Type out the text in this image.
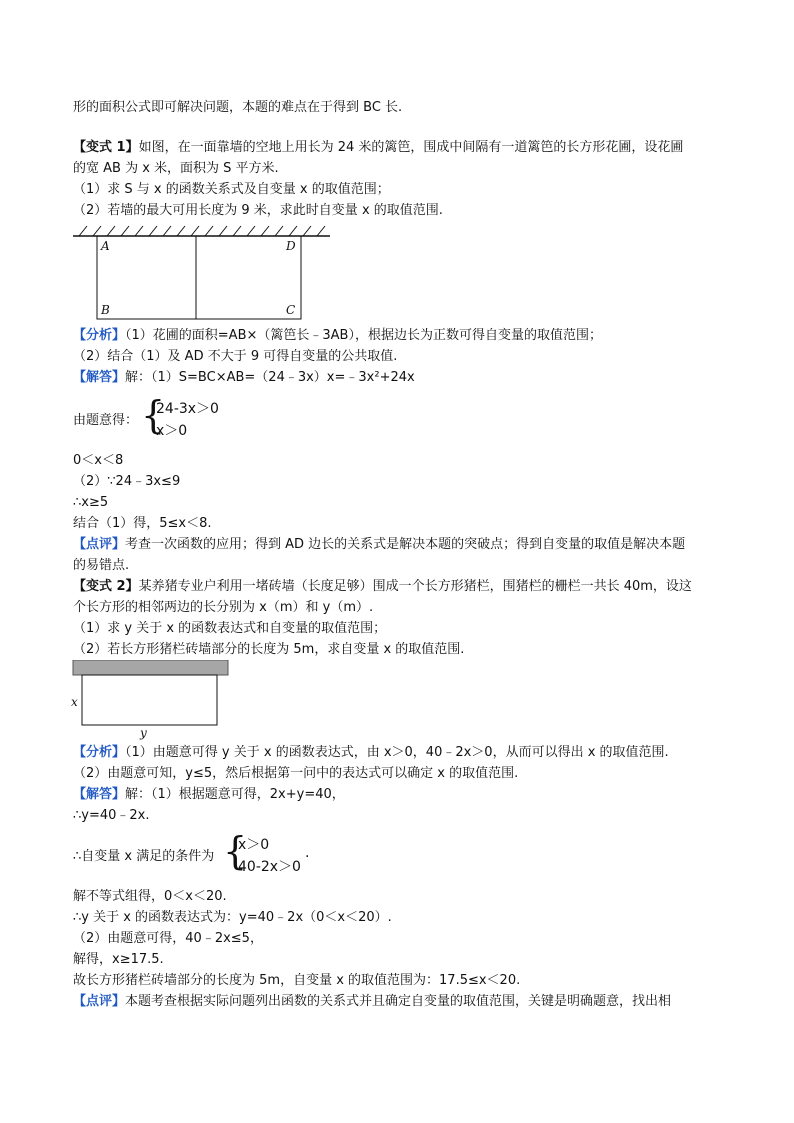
形的面积公式即可解决问题，本题的难点在于得到 BC 长.
【变式 1】如图，在一面靠墙的空地上用长为 24 米的篱笆，围成中间隔有一道篱笆的长方形花圃，设花圃
的宽 AB 为 x 米，面积为 S 平方米.
（1）求 S 与 x 的函数关系式及自变量 x 的取值范围；
（2）若墙的最大可用长度为 9 米，求此时自变量 x 的取值范围.
A	D
B	C
【分析】（1）花圃的面积=AB×（篱笆长﹣3AB），根据边长为正数可得自变量的取值范围；
（2）结合（1）及 AD 不大于 9 可得自变量的公共取值.
【解答】解：（1）S=BC×AB=（24﹣3x）x=﹣3x²+24x
由题意得： {
24-3x＞0
x＞0
0＜x＜8
（2）∵24﹣3x≤9
∴x≥5
结合（1）得，5≤x＜8.
【点评】考查一次函数的应用；得到 AD 边长的关系式是解决本题的突破点；得到自变量的取值是解决本题
的易错点.
【变式 2】某养猪专业户利用一堵砖墙（长度足够）围成一个长方形猪栏，围猪栏的栅栏一共长 40m，设这
个长方形的相邻两边的长分别为 x（m）和 y（m）.
（1）求 y 关于 x 的函数表达式和自变量的取值范围；
（2）若长方形猪栏砖墙部分的长度为 5m，求自变量 x 的取值范围.
x
y
【分析】（1）由题意可得 y 关于 x 的函数表达式，由 x＞0，40﹣2x＞0，从而可以得出 x 的取值范围.
（2）由题意可知，y≤5，然后根据第一问中的表达式可以确定 x 的取值范围.
【解答】解：（1）根据题意可得，2x+y=40，
∴y=40﹣2x.
∴自变量 x 满足的条件为 {
x＞0
40-2x＞0
.
解不等式组得，0＜x＜20.
∴y 关于 x 的函数表达式为：y=40﹣2x（0＜x＜20）.
（2）由题意可得，40﹣2x≤5，
解得，x≥17.5.
故长方形猪栏砖墙部分的长度为 5m，自变量 x 的取值范围为：17.5≤x＜20.
【点评】本题考查根据实际问题列出函数的关系式并且确定自变量的取值范围，关键是明确题意，找出相
